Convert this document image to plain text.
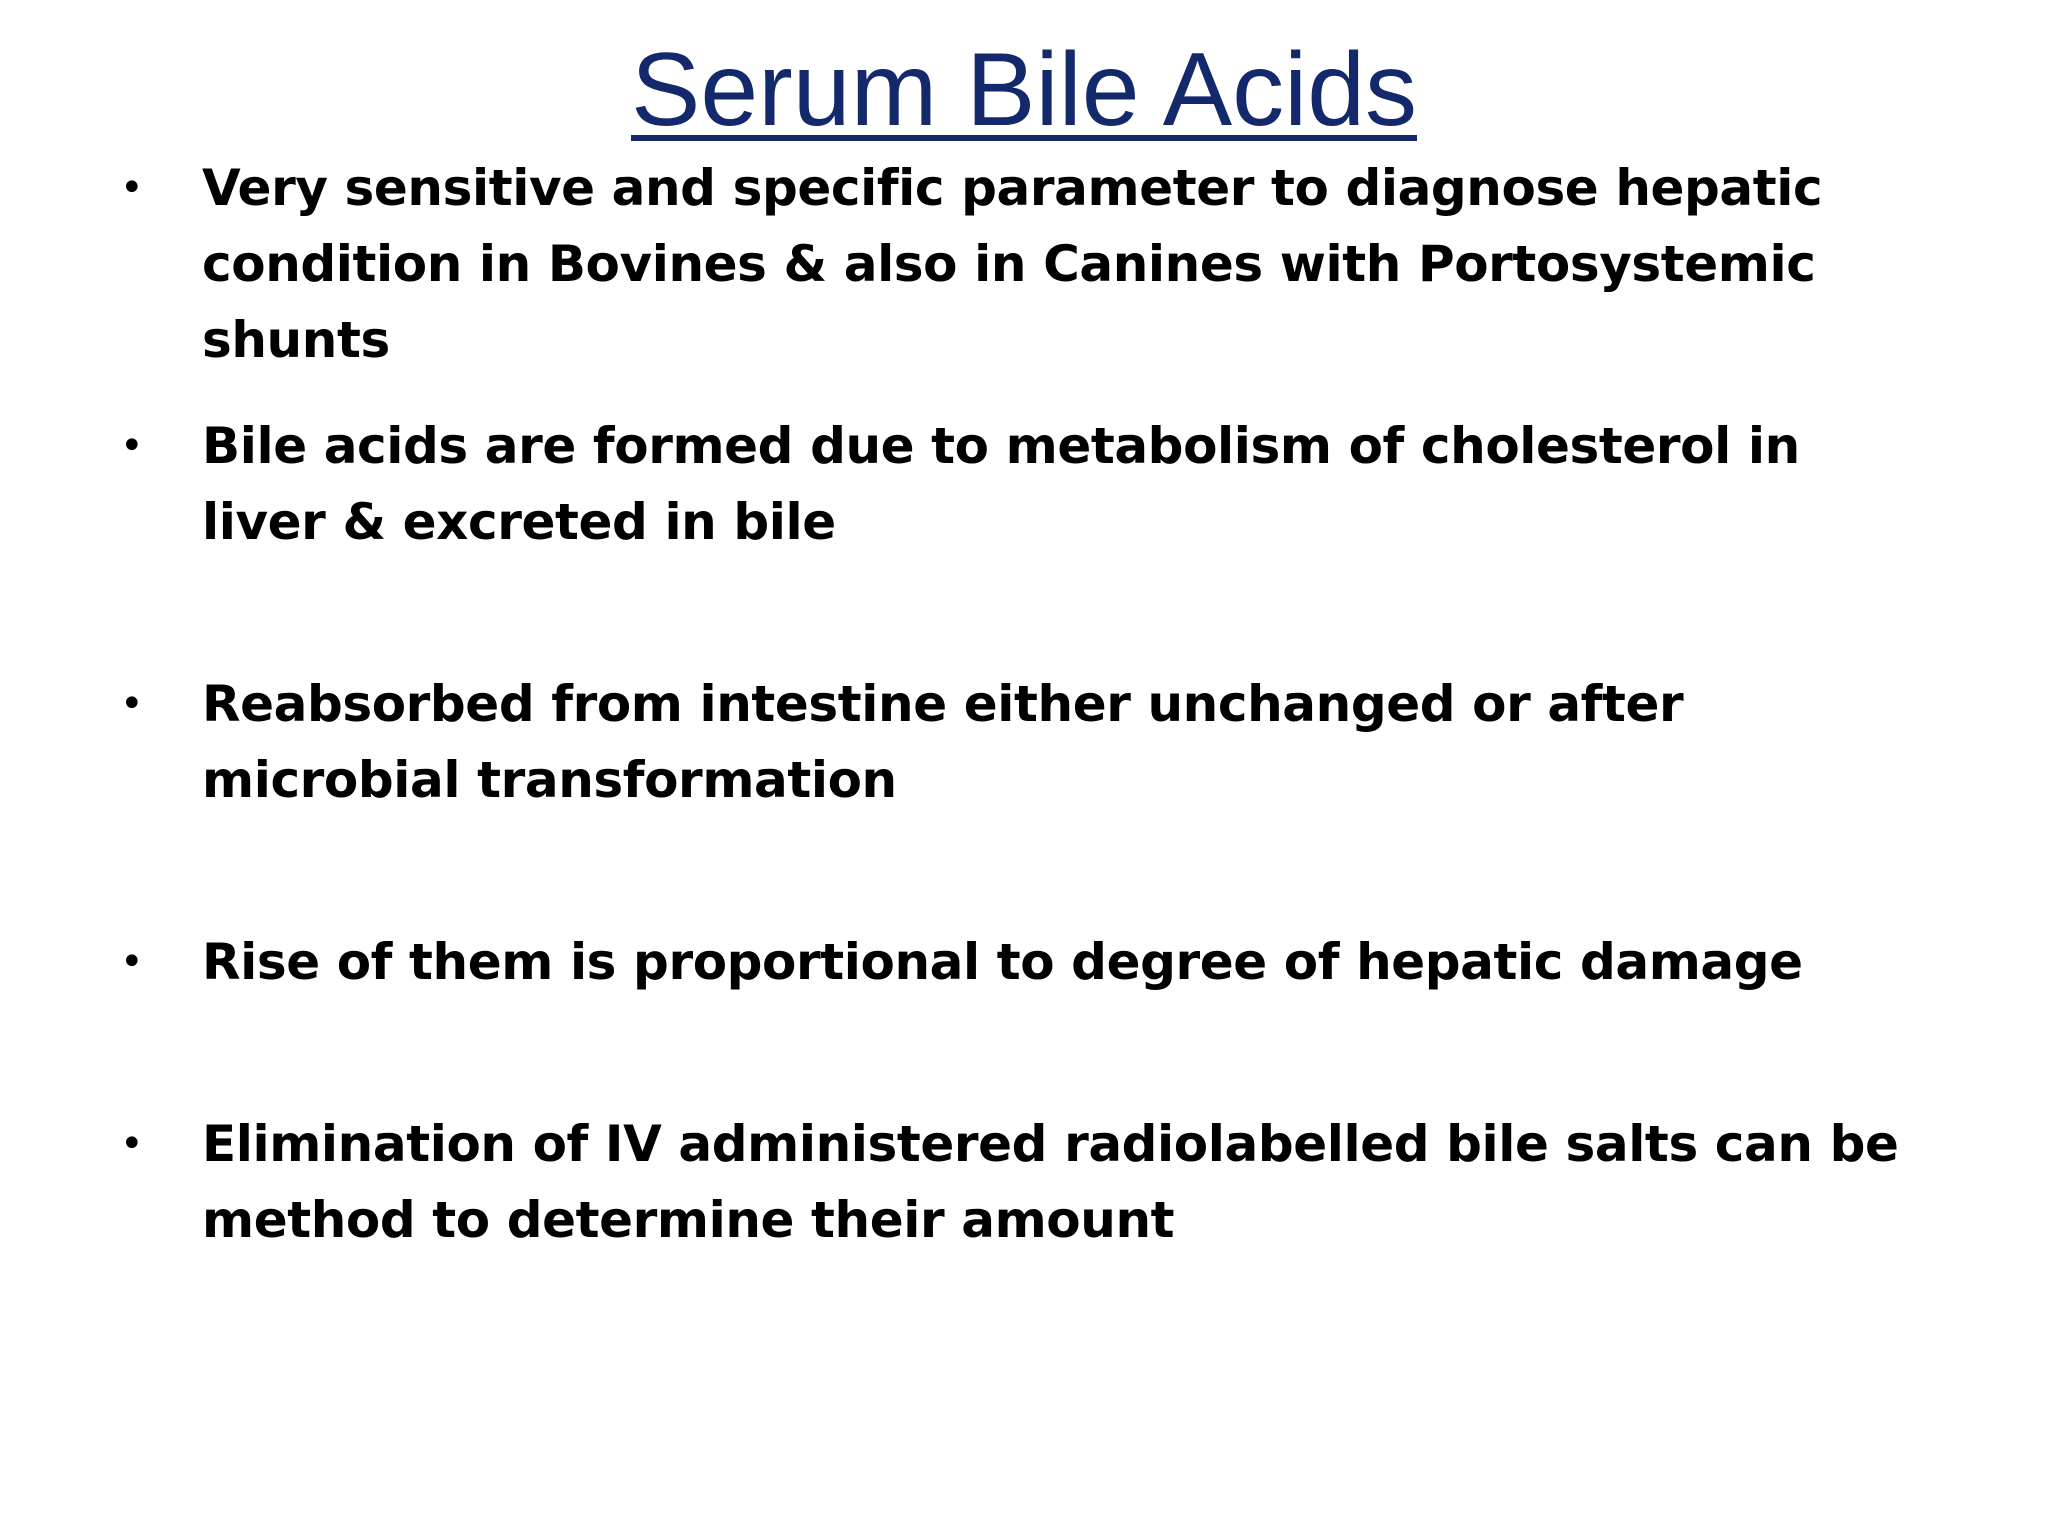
Serum Bile Acids
•	Very sensitive and specific parameter to diagnose hepatic condition in Bovines & also in Canines with Portosystemic shunts
•	Bile acids are formed due to metabolism of cholesterol in liver & excreted in bile
•	Reabsorbed from intestine either unchanged or after microbial transformation
•	Rise of them is proportional to degree of hepatic damage
•	Elimination of IV administered radiolabelled bile salts can be method to determine their amount
